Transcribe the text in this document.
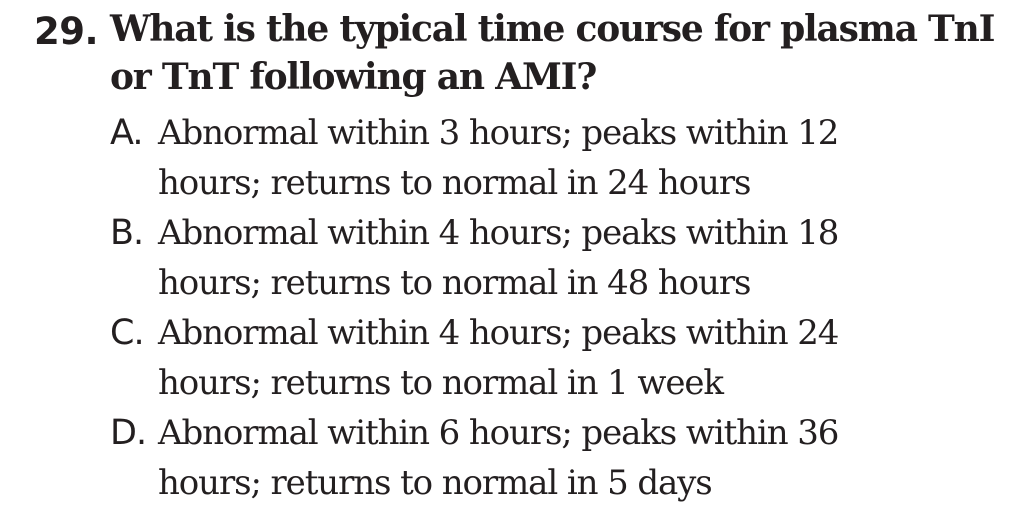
29. What is the typical time course for plasma TnI or TnT following an AMI?
A. Abnormal within 3 hours; peaks within 12 hours; returns to normal in 24 hours
B. Abnormal within 4 hours; peaks within 18 hours; returns to normal in 48 hours
C. Abnormal within 4 hours; peaks within 24 hours; returns to normal in 1 week
D. Abnormal within 6 hours; peaks within 36 hours; returns to normal in 5 days
